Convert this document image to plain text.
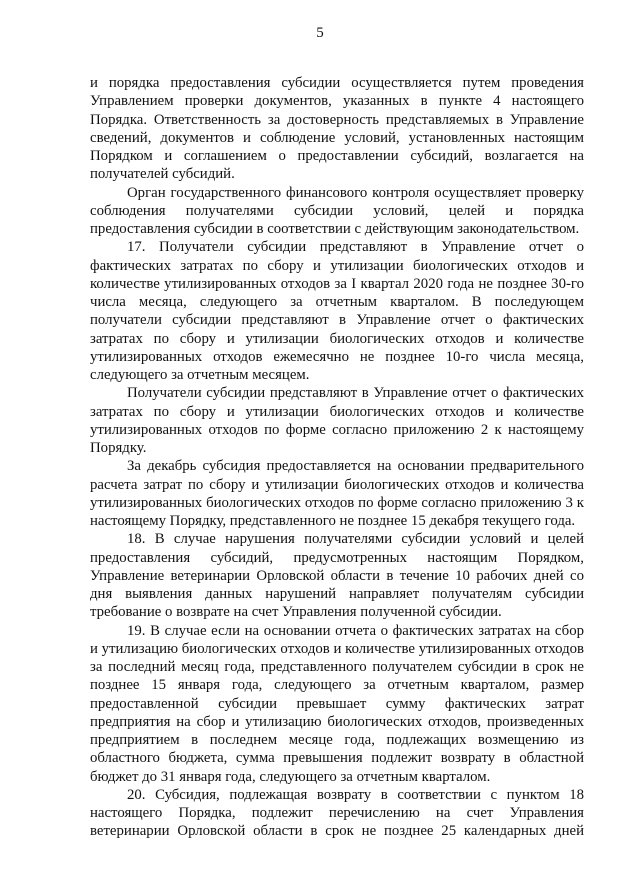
5

и порядка предоставления субсидии осуществляется путем проведения Управлением проверки документов, указанных в пункте 4 настоящего Порядка. Ответственность за достоверность представляемых в Управление сведений, документов и соблюдение условий, установленных настоящим Порядком и соглашением о предоставлении субсидий, возлагается на получателей субсидий.

Орган государственного финансового контроля осуществляет проверку соблюдения получателями субсидии условий, целей и порядка предоставления субсидии в соответствии с действующим законодательством.

17. Получатели субсидии представляют в Управление отчет о фактических затратах по сбору и утилизации биологических отходов и количестве утилизированных отходов за I квартал 2020 года не позднее 30-го числа месяца, следующего за отчетным кварталом. В последующем получатели субсидии представляют в Управление отчет о фактических затратах по сбору и утилизации биологических отходов и количестве утилизированных отходов ежемесячно не позднее 10-го числа месяца, следующего за отчетным месяцем.

Получатели субсидии представляют в Управление отчет о фактических затратах по сбору и утилизации биологических отходов и количестве утилизированных отходов по форме согласно приложению 2 к настоящему Порядку.

За декабрь субсидия предоставляется на основании предварительного расчета затрат по сбору и утилизации биологических отходов и количества утилизированных биологических отходов по форме согласно приложению 3 к настоящему Порядку, представленного не позднее 15 декабря текущего года.

18. В случае нарушения получателями субсидии условий и целей предоставления субсидий, предусмотренных настоящим Порядком, Управление ветеринарии Орловской области в течение 10 рабочих дней со дня выявления данных нарушений направляет получателям субсидии требование о возврате на счет Управления полученной субсидии.

19. В случае если на основании отчета о фактических затратах на сбор и утилизацию биологических отходов и количестве утилизированных отходов за последний месяц года, представленного получателем субсидии в срок не позднее 15 января года, следующего за отчетным кварталом, размер предоставленной субсидии превышает сумму фактических затрат предприятия на сбор и утилизацию биологических отходов, произведенных предприятием в последнем месяце года, подлежащих возмещению из областного бюджета, сумма превышения подлежит возврату в областной бюджет до 31 января года, следующего за отчетным кварталом.

20. Субсидия, подлежащая возврату в соответствии с пунктом 18 настоящего Порядка, подлежит перечислению на счет Управления ветеринарии Орловской области в срок не позднее 25 календарных дней
